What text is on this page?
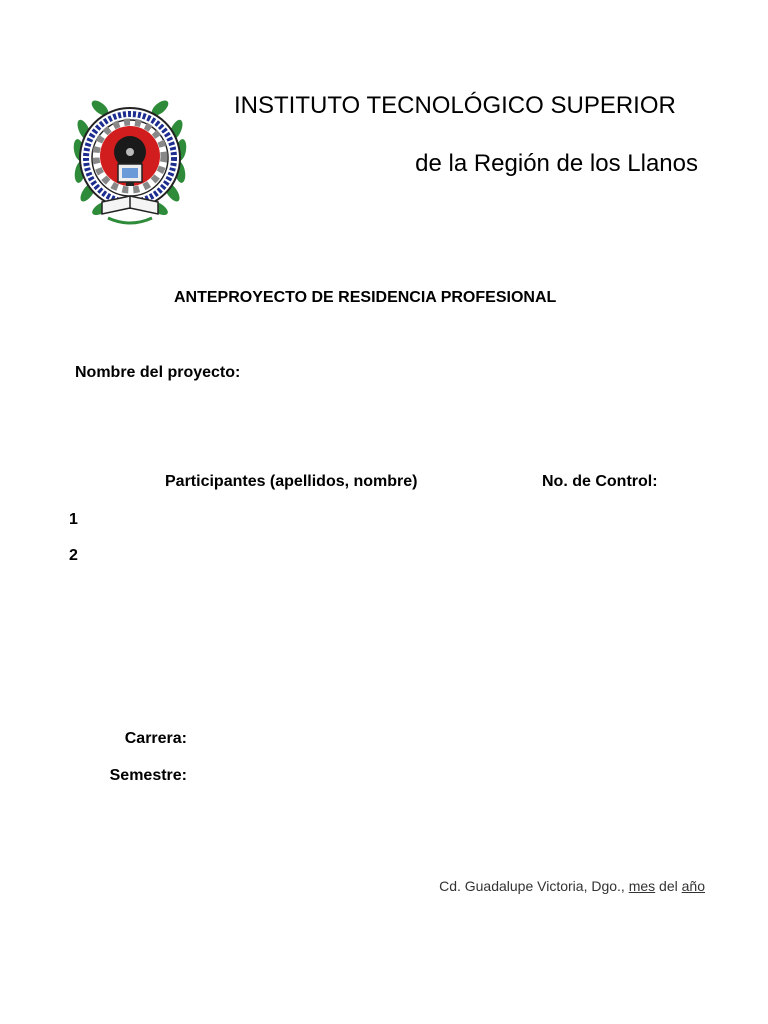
INSTITUTO TECNOLÓGICO SUPERIOR
de la Región de los Llanos
ANTEPROYECTO DE RESIDENCIA PROFESIONAL
Nombre del proyecto:
Participantes (apellidos, nombre)	No. de Control:
1
2
Carrera:
Semestre:
Cd. Guadalupe Victoria, Dgo., mes del año
